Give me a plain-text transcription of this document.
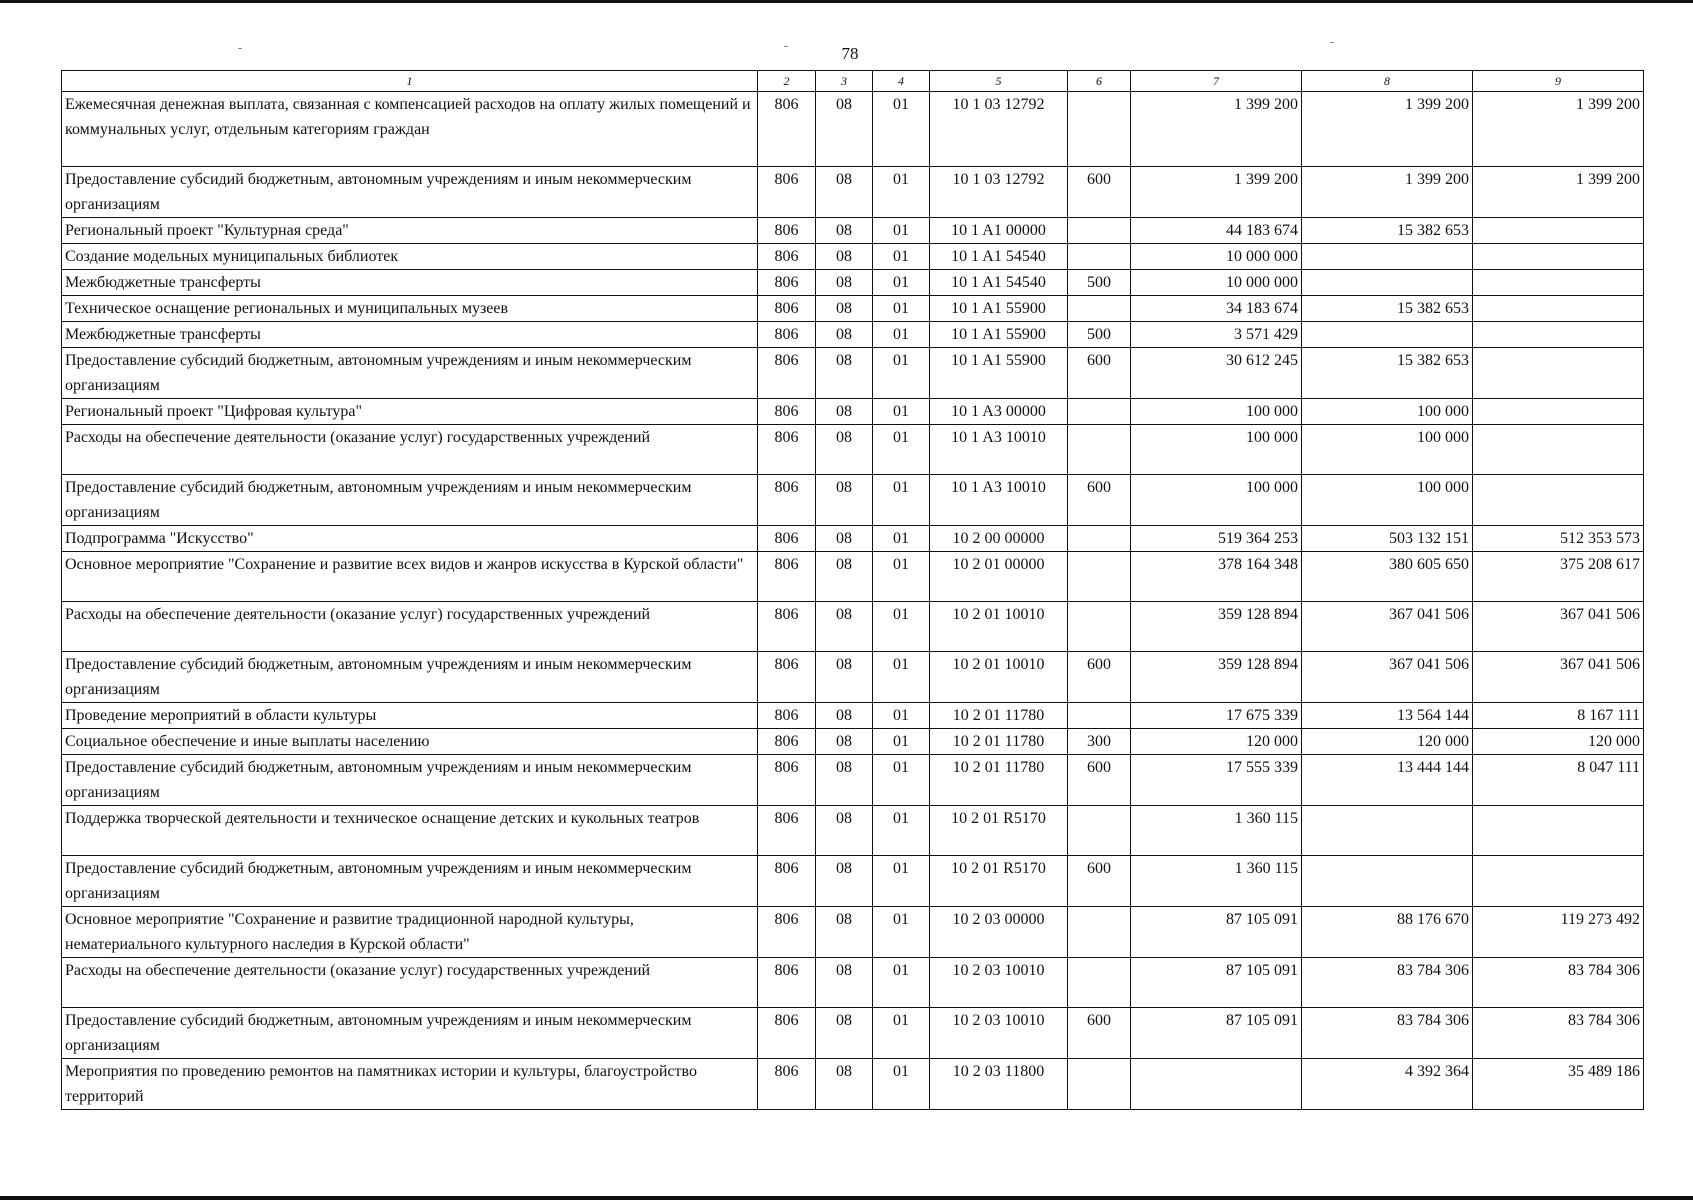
78
1	2	3	4	5	6	7	8	9
Ежемесячная денежная выплата, связанная с компенсацией расходов на оплату жилых помещений и коммунальных услуг, отдельным категориям граждан	806	08	01	10 1 03 12792		1 399 200	1 399 200	1 399 200
Предоставление субсидий бюджетным, автономным учреждениям и иным некоммерческим организациям	806	08	01	10 1 03 12792	600	1 399 200	1 399 200	1 399 200
Региональный проект "Культурная среда"	806	08	01	10 1 A1 00000		44 183 674	15 382 653	
Создание модельных муниципальных библиотек	806	08	01	10 1 A1 54540		10 000 000		
Межбюджетные трансферты	806	08	01	10 1 A1 54540	500	10 000 000		
Техническое оснащение региональных и муниципальных музеев	806	08	01	10 1 A1 55900		34 183 674	15 382 653	
Межбюджетные трансферты	806	08	01	10 1 A1 55900	500	3 571 429		
Предоставление субсидий бюджетным, автономным учреждениям и иным некоммерческим организациям	806	08	01	10 1 A1 55900	600	30 612 245	15 382 653	
Региональный проект "Цифровая культура"	806	08	01	10 1 A3 00000		100 000	100 000	
Расходы на обеспечение деятельности (оказание услуг) государственных учреждений	806	08	01	10 1 A3 10010		100 000	100 000	
Предоставление субсидий бюджетным, автономным учреждениям и иным некоммерческим организациям	806	08	01	10 1 A3 10010	600	100 000	100 000	
Подпрограмма "Искусство"	806	08	01	10 2 00 00000		519 364 253	503 132 151	512 353 573
Основное мероприятие "Сохранение и развитие всех видов и жанров искусства в Курской области"	806	08	01	10 2 01 00000		378 164 348	380 605 650	375 208 617
Расходы на обеспечение деятельности (оказание услуг) государственных учреждений	806	08	01	10 2 01 10010		359 128 894	367 041 506	367 041 506
Предоставление субсидий бюджетным, автономным учреждениям и иным некоммерческим организациям	806	08	01	10 2 01 10010	600	359 128 894	367 041 506	367 041 506
Проведение мероприятий в области культуры	806	08	01	10 2 01 11780		17 675 339	13 564 144	8 167 111
Социальное обеспечение и иные выплаты населению	806	08	01	10 2 01 11780	300	120 000	120 000	120 000
Предоставление субсидий бюджетным, автономным учреждениям и иным некоммерческим организациям	806	08	01	10 2 01 11780	600	17 555 339	13 444 144	8 047 111
Поддержка творческой деятельности и техническое оснащение детских и кукольных театров	806	08	01	10 2 01 R5170		1 360 115		
Предоставление субсидий бюджетным, автономным учреждениям и иным некоммерческим организациям	806	08	01	10 2 01 R5170	600	1 360 115		
Основное мероприятие "Сохранение и развитие традиционной народной культуры, нематериального культурного наследия в Курской области"	806	08	01	10 2 03 00000		87 105 091	88 176 670	119 273 492
Расходы на обеспечение деятельности (оказание услуг) государственных учреждений	806	08	01	10 2 03 10010		87 105 091	83 784 306	83 784 306
Предоставление субсидий бюджетным, автономным учреждениям и иным некоммерческим организациям	806	08	01	10 2 03 10010	600	87 105 091	83 784 306	83 784 306
Мероприятия по проведению ремонтов на памятниках истории и культуры, благоустройство территорий	806	08	01	10 2 03 11800			4 392 364	35 489 186
